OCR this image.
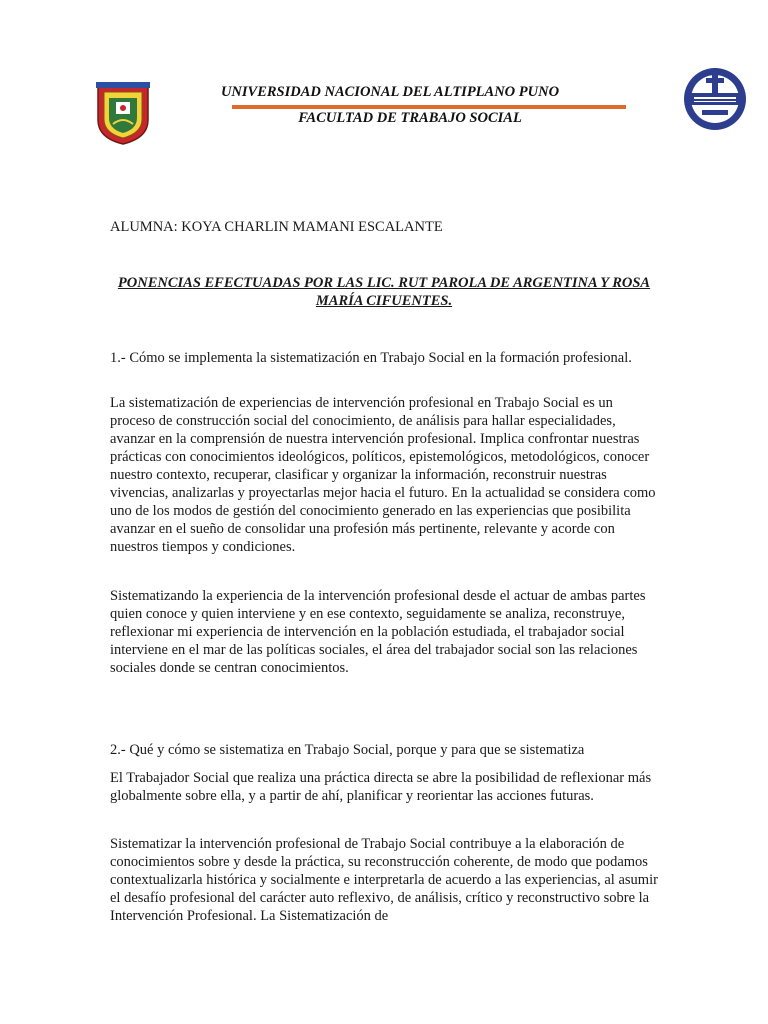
UNIVERSIDAD NACIONAL DEL ALTIPLANO PUNO
FACULTAD DE TRABAJO SOCIAL
ALUMNA: KOYA CHARLIN MAMANI ESCALANTE
PONENCIAS EFECTUADAS POR LAS LIC. RUT PAROLA DE ARGENTINA Y ROSA MARÍA CIFUENTES.
1.- Cómo se implementa la sistematización en Trabajo Social en la formación profesional.
La sistematización de experiencias de intervención profesional en Trabajo Social es un proceso de construcción social del conocimiento, de análisis para hallar especialidades, avanzar en la comprensión de nuestra intervención profesional. Implica confrontar nuestras prácticas con conocimientos ideológicos, políticos, epistemológicos, metodológicos, conocer nuestro contexto, recuperar, clasificar y organizar la información, reconstruir nuestras vivencias, analizarlas y proyectarlas mejor hacia el futuro. En la actualidad se considera como uno de los modos de gestión del conocimiento generado en las experiencias que posibilita avanzar en el sueño de consolidar una profesión más pertinente, relevante y acorde con nuestros tiempos y condiciones.
Sistematizando la experiencia de la intervención profesional desde el actuar de ambas partes quien conoce y quien interviene y en ese contexto, seguidamente se analiza, reconstruye, reflexionar mi experiencia de intervención en la población estudiada, el trabajador social interviene en el mar de las políticas sociales, el área del trabajador social son las relaciones sociales donde se centran conocimientos.
2.- Qué y cómo se sistematiza en Trabajo Social, porque y para que se sistematiza
El Trabajador Social que realiza una práctica directa se abre la posibilidad de reflexionar más globalmente sobre ella, y a partir de ahí, planificar y reorientar las acciones futuras.
Sistematizar la intervención profesional de Trabajo Social contribuye a la elaboración de conocimientos sobre y desde la práctica, su reconstrucción coherente, de modo que podamos contextualizarla histórica y socialmente e interpretarla de acuerdo a las experiencias, al asumir el desafío profesional del carácter auto reflexivo, de análisis, crítico y reconstructivo sobre la Intervención Profesional. La Sistematización de
